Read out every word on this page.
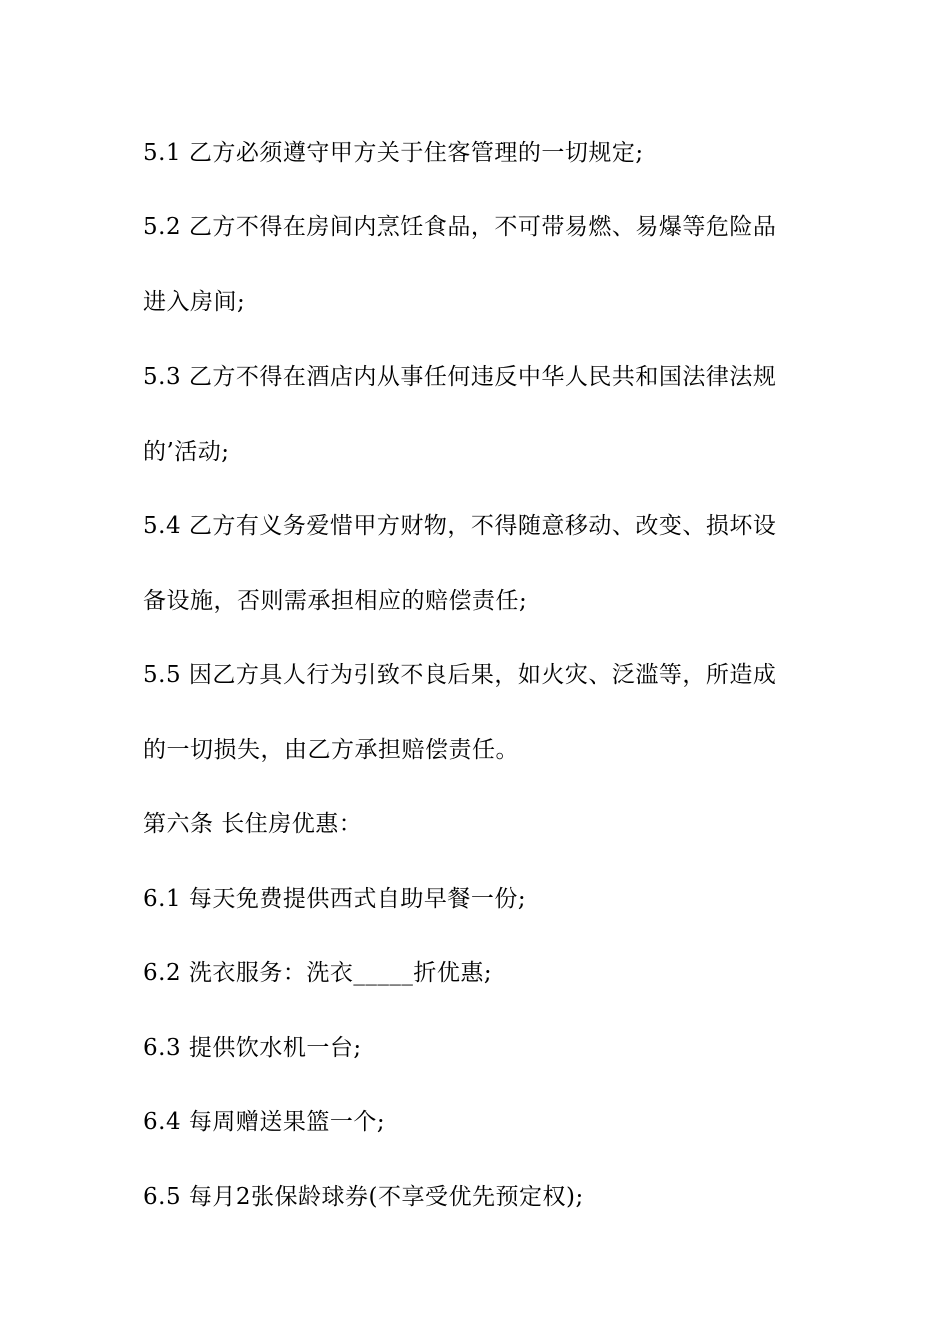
5.1 乙方必须遵守甲方关于住客管理的一切规定;
5.2 乙方不得在房间内烹饪食品，不可带易燃、易爆等危险品
进入房间;
5.3 乙方不得在酒店内从事任何违反中华人民共和国法律法规
的’活动;
5.4 乙方有义务爱惜甲方财物，不得随意移动、改变、损坏设
备设施，否则需承担相应的赔偿责任;
5.5 因乙方具人行为引致不良后果，如火灾、泛滥等，所造成
的一切损失，由乙方承担赔偿责任。
第六条 长住房优惠：
6.1 每天免费提供西式自助早餐一份;
6.2 洗衣服务：洗衣_____折优惠;
6.3 提供饮水机一台;
6.4 每周赠送果篮一个;
6.5 每月2张保龄球券(不享受优先预定权);
